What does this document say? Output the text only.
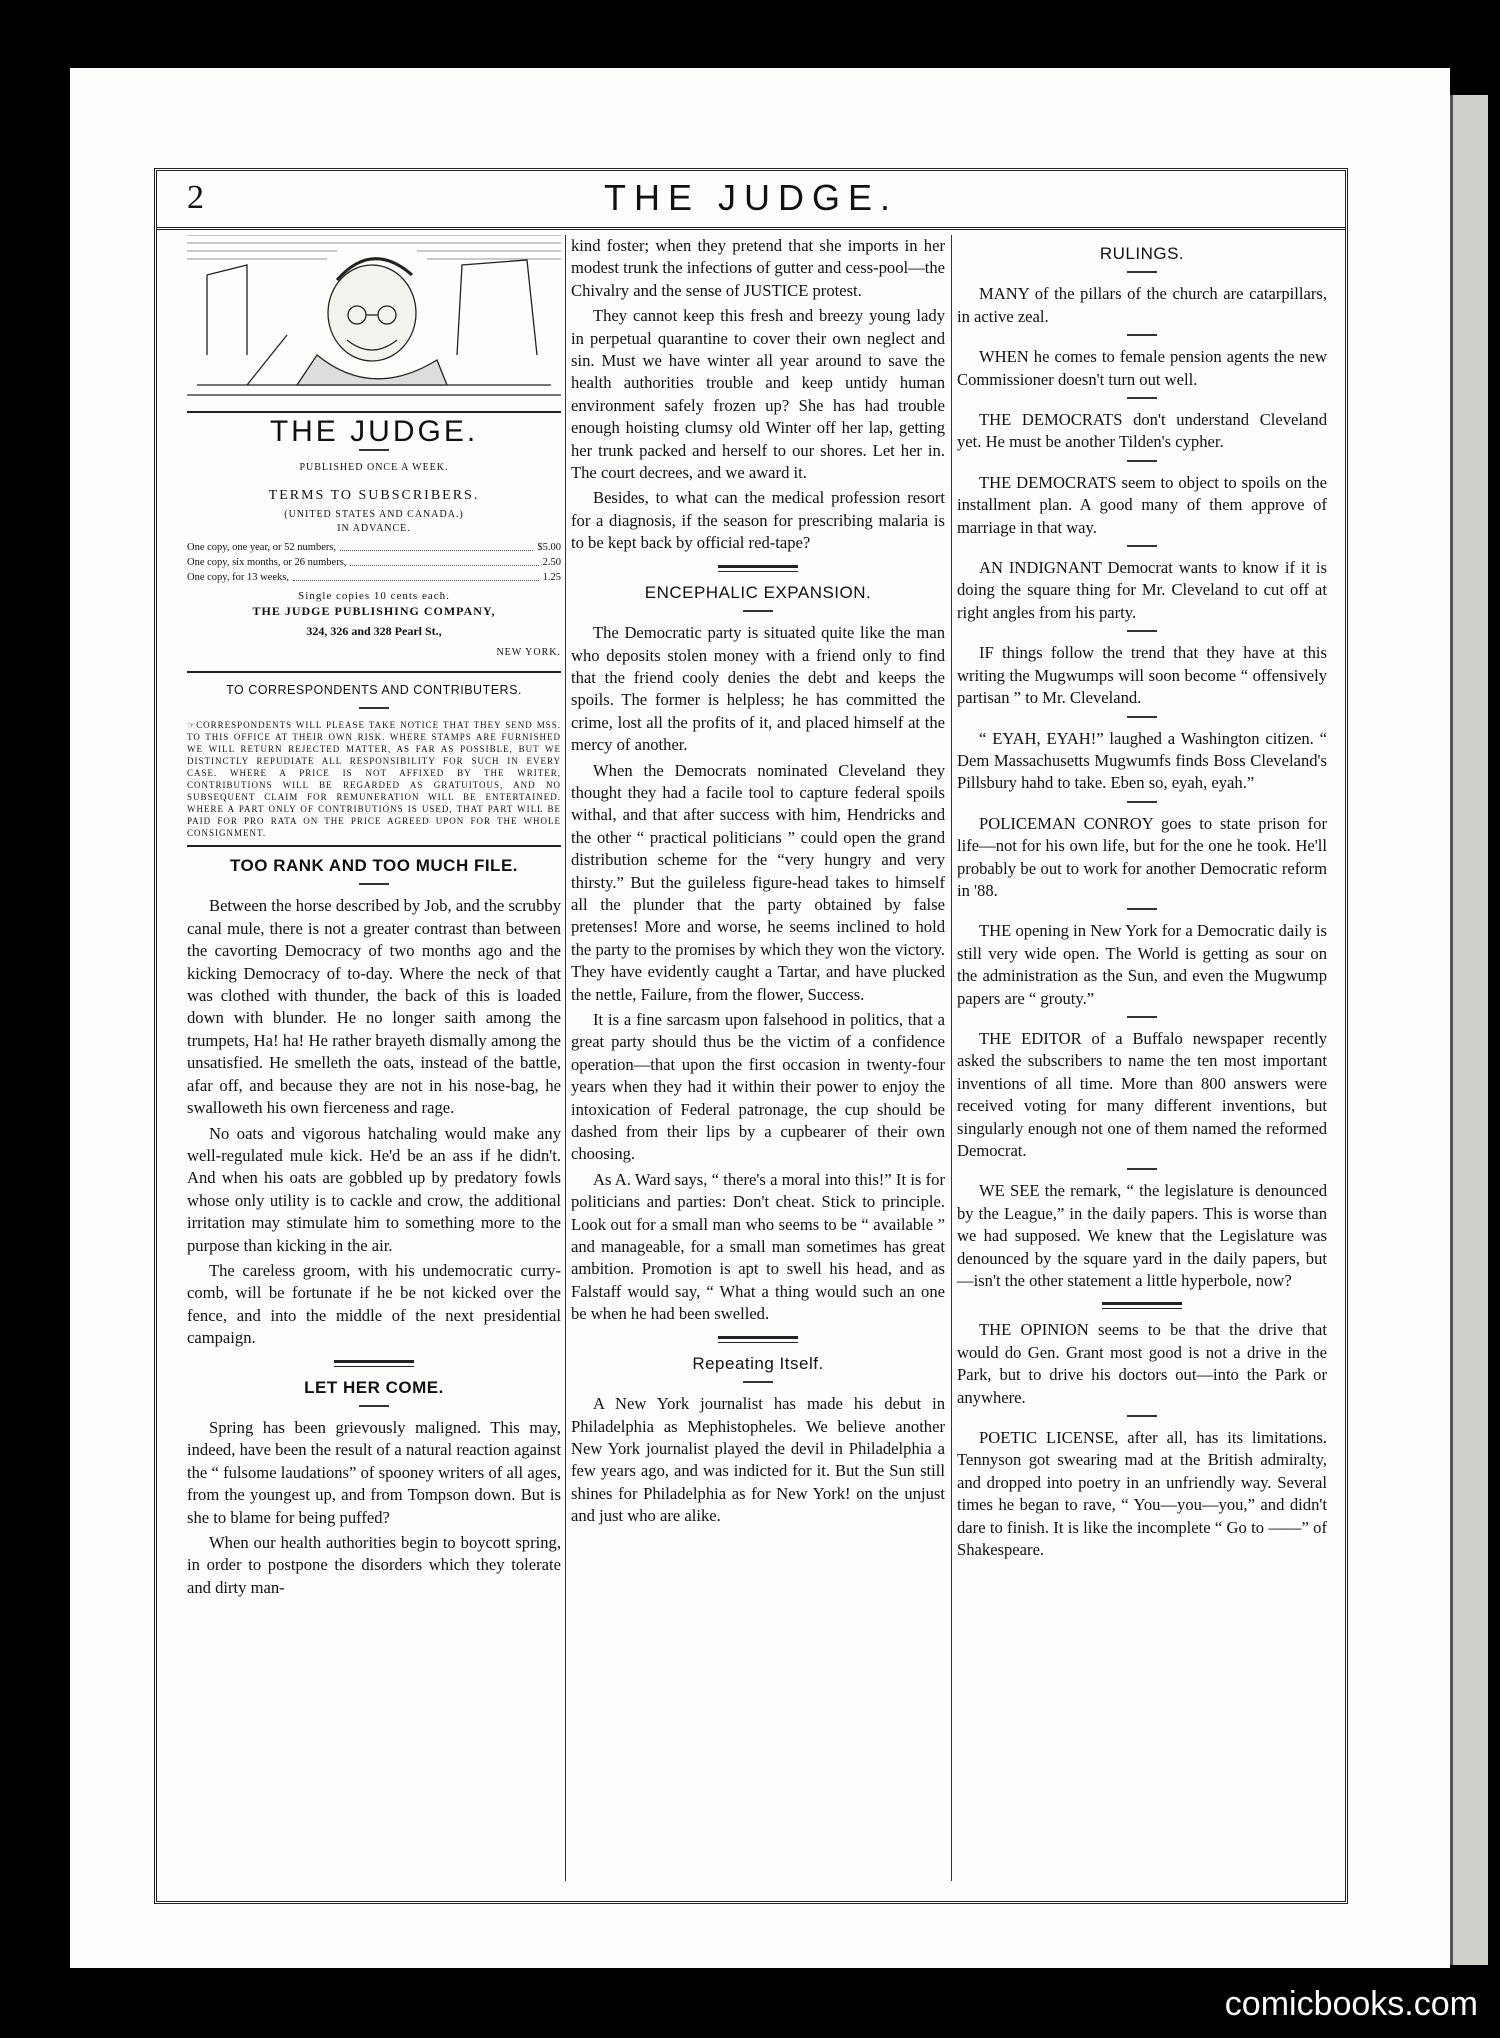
2	THE JUDGE.
THE JUDGE.
PUBLISHED ONCE A WEEK.
TERMS TO SUBSCRIBERS.
(UNITED STATES AND CANADA.)
IN ADVANCE.
One copy, one year, or 52 numbers,	$5.00
One copy, six months, or 26 numbers,	2.50
One copy, for 13 weeks,	1.25
Single copies 10 cents each.
THE JUDGE PUBLISHING COMPANY,
324, 326 and 328 Pearl St.,
NEW YORK.
TO CORRESPONDENTS AND CONTRIBUTERS.
☞CORRESPONDENTS WILL PLEASE TAKE NOTICE THAT THEY SEND MSS. TO THIS OFFICE AT THEIR OWN RISK. WHERE STAMPS ARE FURNISHED WE WILL RETURN REJECTED MATTER, AS FAR AS POSSIBLE, BUT WE DISTINCTLY REPUDIATE ALL RESPONSIBILITY FOR SUCH IN EVERY CASE. WHERE A PRICE IS NOT AFFIXED BY THE WRITER, CONTRIBUTIONS WILL BE REGARDED AS GRATUITOUS, AND NO SUBSEQUENT CLAIM FOR REMUNERATION WILL BE ENTERTAINED. WHERE A PART ONLY OF CONTRIBUTIONS IS USED, THAT PART WILL BE PAID FOR PRO RATA ON THE PRICE AGREED UPON FOR THE WHOLE CONSIGNMENT.
TOO RANK AND TOO MUCH FILE.

Between the horse described by Job, and the scrubby canal mule, there is not a greater contrast than between the cavorting Democracy of two months ago and the kicking Democracy of to-day. Where the neck of that was clothed with thunder, the back of this is loaded down with blunder. He no longer saith among the trumpets, Ha! ha! He rather brayeth dismally among the unsatisfied. He smelleth the oats, instead of the battle, afar off, and because they are not in his nose-bag, he swalloweth his own fierceness and rage.

No oats and vigorous hatchaling would make any well-regulated mule kick. He'd be an ass if he didn't. And when his oats are gobbled up by predatory fowls whose only utility is to cackle and crow, the additional irritation may stimulate him to something more to the purpose than kicking in the air.

The careless groom, with his undemocratic curry-comb, will be fortunate if he be not kicked over the fence, and into the middle of the next presidential campaign.

LET HER COME.

Spring has been grievously maligned. This may, indeed, have been the result of a natural reaction against the “ fulsome laudations” of spooney writers of all ages, from the youngest up, and from Tompson down. But is she to blame for being puffed?

When our health authorities begin to boycott spring, in order to postpone the disorders which they tolerate and dirty man-

kind foster; when they pretend that she imports in her modest trunk the infections of gutter and cess-pool—the Chivalry and the sense of JUSTICE protest.

They cannot keep this fresh and breezy young lady in perpetual quarantine to cover their own neglect and sin. Must we have winter all year around to save the health authorities trouble and keep untidy human environment safely frozen up? She has had trouble enough hoisting clumsy old Winter off her lap, getting her trunk packed and herself to our shores. Let her in. The court decrees, and we award it.

Besides, to what can the medical profession resort for a diagnosis, if the season for prescribing malaria is to be kept back by official red-tape?

ENCEPHALIC EXPANSION.

The Democratic party is situated quite like the man who deposits stolen money with a friend only to find that the friend cooly denies the debt and keeps the spoils. The former is helpless; he has committed the crime, lost all the profits of it, and placed himself at the mercy of another.

When the Democrats nominated Cleveland they thought they had a facile tool to capture federal spoils withal, and that after success with him, Hendricks and the other “ practical politicians ” could open the grand distribution scheme for the “very hungry and very thirsty.” But the guileless figure-head takes to himself all the plunder that the party obtained by false pretenses! More and worse, he seems inclined to hold the party to the promises by which they won the victory. They have evidently caught a Tartar, and have plucked the nettle, Failure, from the flower, Success.

It is a fine sarcasm upon falsehood in politics, that a great party should thus be the victim of a confidence operation—that upon the first occasion in twenty-four years when they had it within their power to enjoy the intoxication of Federal patronage, the cup should be dashed from their lips by a cupbearer of their own choosing.

As A. Ward says, “ there's a moral into this!” It is for politicians and parties: Don't cheat. Stick to principle. Look out for a small man who seems to be “ available ” and manageable, for a small man sometimes has great ambition. Promotion is apt to swell his head, and as Falstaff would say, “ What a thing would such an one be when he had been swelled.

Repeating Itself.

A New York journalist has made his debut in Philadelphia as Mephistopheles. We believe another New York journalist played the devil in Philadelphia a few years ago, and was indicted for it. But the Sun still shines for Philadelphia as for New York! on the unjust and just who are alike.

RULINGS.

MANY of the pillars of the church are catarpillars, in active zeal.

WHEN he comes to female pension agents the new Commissioner doesn't turn out well.

THE DEMOCRATS don't understand Cleveland yet. He must be another Tilden's cypher.

THE DEMOCRATS seem to object to spoils on the installment plan. A good many of them approve of marriage in that way.

AN INDIGNANT Democrat wants to know if it is doing the square thing for Mr. Cleveland to cut off at right angles from his party.

IF things follow the trend that they have at this writing the Mugwumps will soon become “ offensively partisan ” to Mr. Cleveland.

“ EYAH, EYAH!” laughed a Washington citizen. “ Dem Massachusetts Mugwumfs finds Boss Cleveland's Pillsbury hahd to take. Eben so, eyah, eyah.”

POLICEMAN CONROY goes to state prison for life—not for his own life, but for the one he took. He'll probably be out to work for another Democratic reform in '88.

THE opening in New York for a Democratic daily is still very wide open. The World is getting as sour on the administration as the Sun, and even the Mugwump papers are “ grouty.”

THE EDITOR of a Buffalo newspaper recently asked the subscribers to name the ten most important inventions of all time. More than 800 answers were received voting for many different inventions, but singularly enough not one of them named the reformed Democrat.

WE SEE the remark, “ the legislature is denounced by the League,” in the daily papers. This is worse than we had supposed. We knew that the Legislature was denounced by the square yard in the daily papers, but—isn't the other statement a little hyperbole, now?

THE OPINION seems to be that the drive that would do Gen. Grant most good is not a drive in the Park, but to drive his doctors out—into the Park or anywhere.

POETIC LICENSE, after all, has its limitations. Tennyson got swearing mad at the British admiralty, and dropped into poetry in an unfriendly way. Several times he began to rave, “ You—you—you,” and didn't dare to finish. It is like the incomplete “ Go to ——” of Shakespeare.

comicbooks.com
